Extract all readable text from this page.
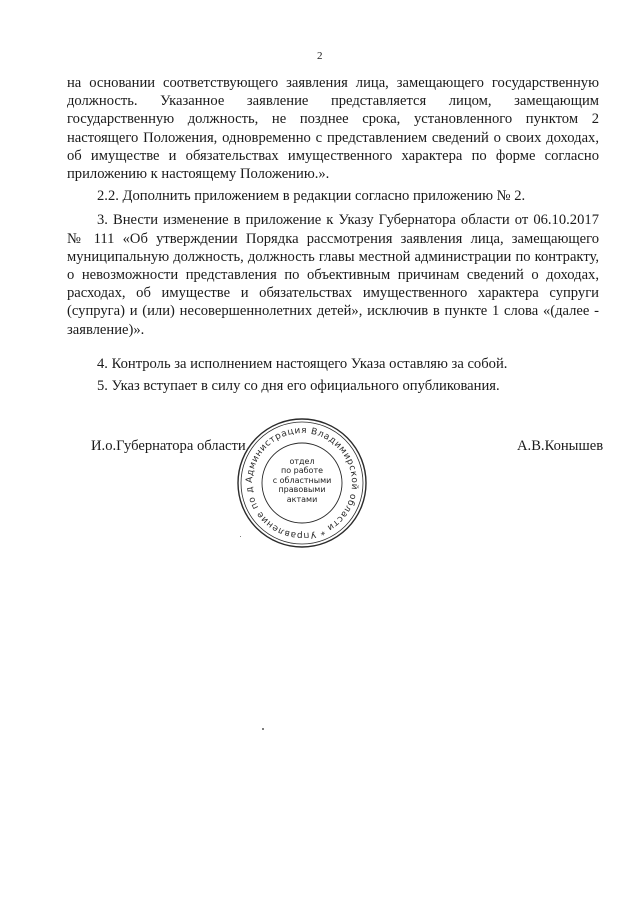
2

на основании соответствующего заявления лица, замещающего государственную должность. Указанное заявление представляется лицом, замещающим государственную должность, не позднее срока, установленного пунктом 2 настоящего Положения, одновременно с представлением сведений о своих доходах, об имуществе и обязательствах имущественного характера по форме согласно приложению к настоящему Положению.».

2.2. Дополнить приложением в редакции согласно приложению № 2.

3. Внести изменение в приложение к Указу Губернатора области от 06.10.2017 № 111 «Об утверждении Порядка рассмотрения заявления лица, замещающего муниципальную должность, должность главы местной администрации по контракту, о невозможности представления по объективным причинам сведений о доходах, расходах, об имуществе и обязательствах имущественного характера супруги (супруга) и (или) несовершеннолетних детей», исключив в пункте 1 слова «(далее - заявление)».

4. Контроль за исполнением настоящего Указа оставляю за собой.

5. Указ вступает в силу со дня его официального опубликования.

И.о.Губернатора области	А.В.Конышев
Администрация Владимирской области * Управление по д
отдел
по работе
с областными
правовыми
актами
